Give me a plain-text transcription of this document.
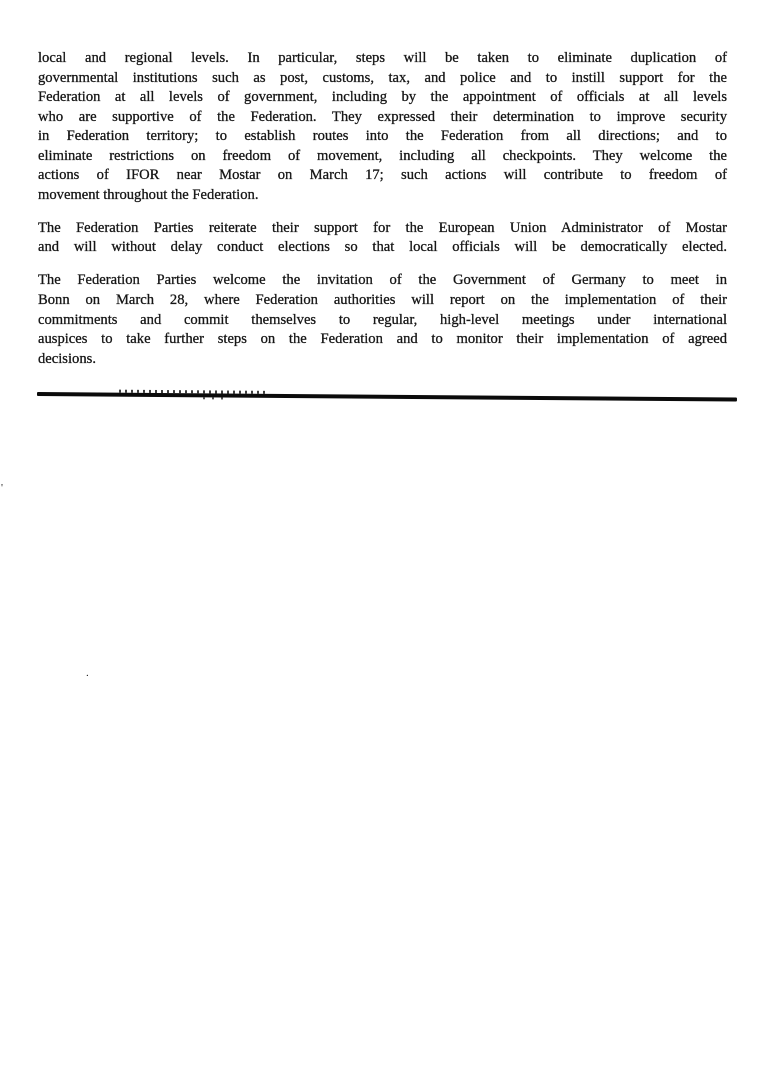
local and regional levels. In particular, steps will be taken to eliminate duplication of
governmental institutions such as post, customs, tax, and police and to instill support for the
Federation at all levels of government, including by the appointment of officials at all levels
who are supportive of the Federation. They expressed their determination to improve security
in Federation territory; to establish routes into the Federation from all directions; and to
eliminate restrictions on freedom of movement, including all checkpoints. They welcome the
actions of IFOR near Mostar on March 17; such actions will contribute to freedom of
movement throughout the Federation.

The Federation Parties reiterate their support for the European Union Administrator of Mostar
and will without delay conduct elections so that local officials will be democratically elected.

The Federation Parties welcome the invitation of the Government of Germany to meet in
Bonn on March 28, where Federation authorities will report on the implementation of their
commitments and commit themselves to regular, high-level meetings under international
auspices to take further steps on the Federation and to monitor their implementation of agreed
decisions.

'
.
